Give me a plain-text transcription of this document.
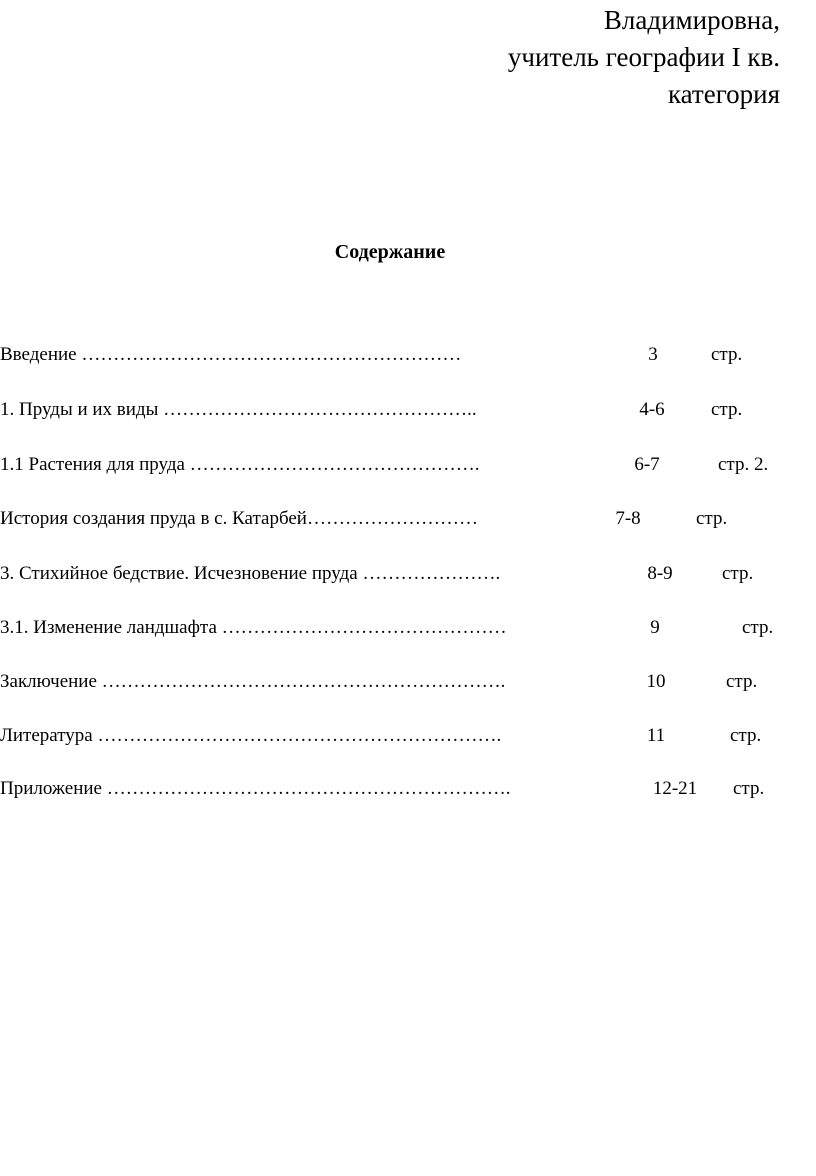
Владимировна,
учитель географии I кв.
категория
Содержание
Введение ……………………………………………………	3	стр.
1. Пруды и их виды …………………………………………..	4-6	стр.
1.1 Растения для пруда ……………………………………….	6-7	стр. 2.
История создания пруда в с. Катарбей………………………	7-8	стр.
3. Стихийное бедствие. Исчезновение пруда ………………….	8-9	стр.
3.1. Изменение ландшафта ………………………………………	9	стр.
Заключение ……………………………………………………….	10	стр.
Литература ……………………………………………………….	11	стр.
Приложение ……………………………………………………….	12-21 стр.
